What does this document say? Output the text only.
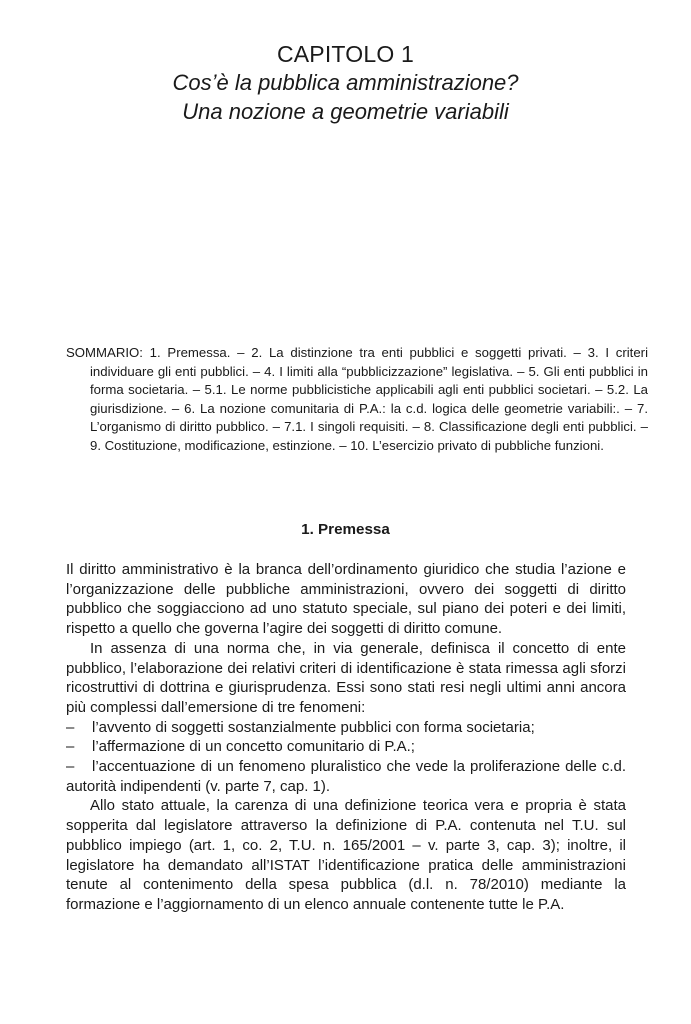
CAPITOLO 1
Cos’è la pubblica amministrazione?
Una nozione a geometrie variabili

SOMMARIO: 1. Premessa. – 2. La distinzione tra enti pubblici e soggetti privati. – 3. I criteri individuare gli enti pubblici. – 4. I limiti alla “pubblicizzazione” legislativa. – 5. Gli enti pubblici in forma societaria. – 5.1. Le norme pubblicistiche applicabili agli enti pubblici societari. – 5.2. La giurisdizione. – 6. La nozione comunitaria di P.A.: la c.d. logica delle geometrie variabili:. – 7. L’organismo di diritto pubblico. – 7.1. I singoli requisiti. – 8. Classificazione degli enti pubblici. – 9. Costituzione, modificazione, estinzione. – 10. L’esercizio privato di pubbliche funzioni.

1. Premessa

Il diritto amministrativo è la branca dell’ordinamento giuridico che studia l’azione e l’organizzazione delle pubbliche amministrazioni, ovvero dei soggetti di diritto pubblico che soggiacciono ad uno statuto speciale, sul piano dei poteri e dei limiti, rispetto a quello che governa l’agire dei soggetti di diritto comune.

In assenza di una norma che, in via generale, definisca il concetto di ente pubblico, l’elaborazione dei relativi criteri di identificazione è stata rimessa agli sforzi ricostruttivi di dottrina e giurisprudenza. Essi sono stati resi negli ultimi anni ancora più complessi dall’emersione di tre fenomeni:

–	l’avvento di soggetti sostanzialmente pubblici con forma societaria;
–	l’affermazione di un concetto comunitario di P.A.;

– l’accentuazione di un fenomeno pluralistico che vede la proliferazione delle c.d. autorità indipendenti (v. parte 7, cap. 1).

Allo stato attuale, la carenza di una definizione teorica vera e propria è stata sopperita dal legislatore attraverso la definizione di P.A. contenuta nel T.U. sul pubblico impiego (art. 1, co. 2, T.U. n. 165/2001 – v. parte 3, cap. 3); inoltre, il legislatore ha demandato all’ISTAT l’identificazione pratica delle amministrazioni tenute al contenimento della spesa pubblica (d.l. n. 78/2010) mediante la formazione e l’aggiornamento di un elenco annuale contenente tutte le P.A.
